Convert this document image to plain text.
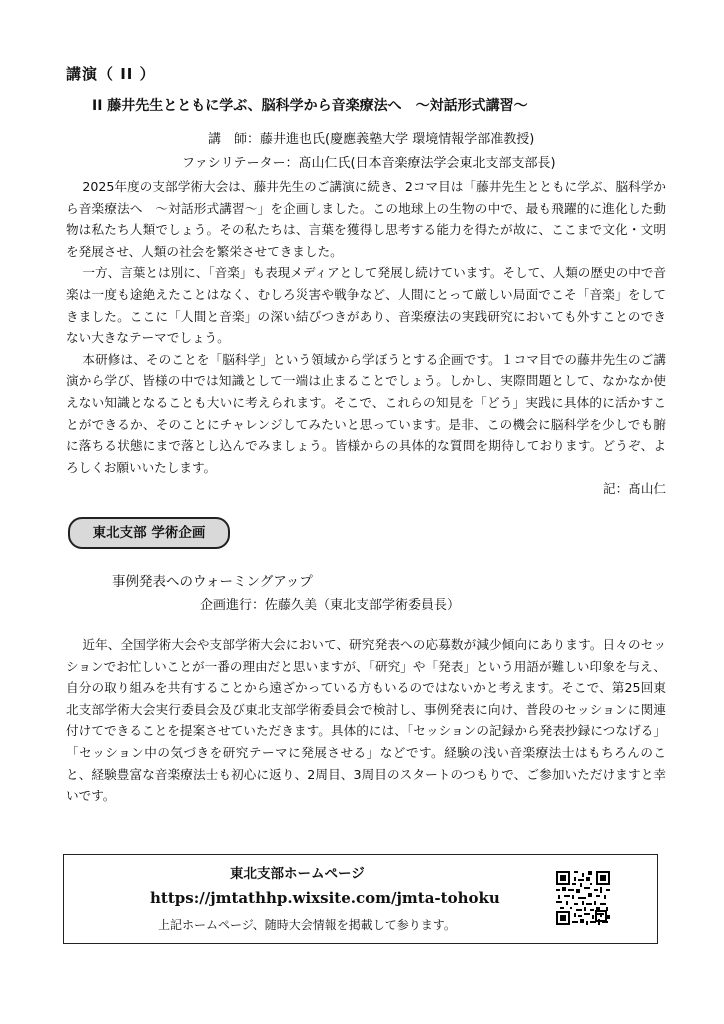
講演（ II ）
II 藤井先生とともに学ぶ、脳科学から音楽療法へ　～対話形式講習～
講　師：藤井進也氏(慶應義塾大学 環境情報学部准教授)
ファシリテーター：髙山仁氏(日本音楽療法学会東北支部支部長)

2025年度の支部学術大会は、藤井先生のご講演に続き、2コマ目は「藤井先生とともに学ぶ、脳科学から音楽療法へ　～対話形式講習～」を企画しました。この地球上の生物の中で、最も飛躍的に進化した動物は私たち人類でしょう。その私たちは、言葉を獲得し思考する能力を得たが故に、ここまで文化・文明を発展させ、人類の社会を繁栄させてきました。

一方、言葉とは別に、「音楽」も表現メディアとして発展し続けています。そして、人類の歴史の中で音楽は一度も途絶えたことはなく、むしろ災害や戦争など、人間にとって厳しい局面でこそ「音楽」をしてきました。ここに「人間と音楽」の深い結びつきがあり、音楽療法の実践研究においても外すことのできない大きなテーマでしょう。

本研修は、そのことを「脳科学」という領域から学ぼうとする企画です。１コマ目での藤井先生のご講演から学び、皆様の中では知識として一端は止まることでしょう。しかし、実際問題として、なかなか使えない知識となることも大いに考えられます。そこで、これらの知見を「どう」実践に具体的に活かすことができるか、そのことにチャレンジしてみたいと思っています。是非、この機会に脳科学を少しでも腑に落ちる状態にまで落とし込んでみましょう。皆様からの具体的な質問を期待しております。どうぞ、よろしくお願いいたします。

記：髙山仁
東北支部 学術企画
事例発表へのウォーミングアップ
企画進行：佐藤久美（東北支部学術委員長）

近年、全国学術大会や支部学術大会において、研究発表への応募数が減少傾向にあります。日々のセッションでお忙しいことが一番の理由だと思いますが、「研究」や「発表」という用語が難しい印象を与え、自分の取り組みを共有することから遠ざかっている方もいるのではないかと考えます。そこで、第25回東北支部学術大会実行委員会及び東北支部学術委員会で検討し、事例発表に向け、普段のセッションに関連付けてできることを提案させていただきます。具体的には、「セッションの記録から発表抄録につなげる」「セッション中の気づきを研究テーマに発展させる」などです。経験の浅い音楽療法士はもちろんのこと、経験豊富な音楽療法士も初心に返り、2周目、3周目のスタートのつもりで、ご参加いただけますと幸いです。

東北支部ホームページ
https://jmtathhp.wixsite.com/jmta-tohoku
上記ホームページ、随時大会情報を掲載して参ります。
